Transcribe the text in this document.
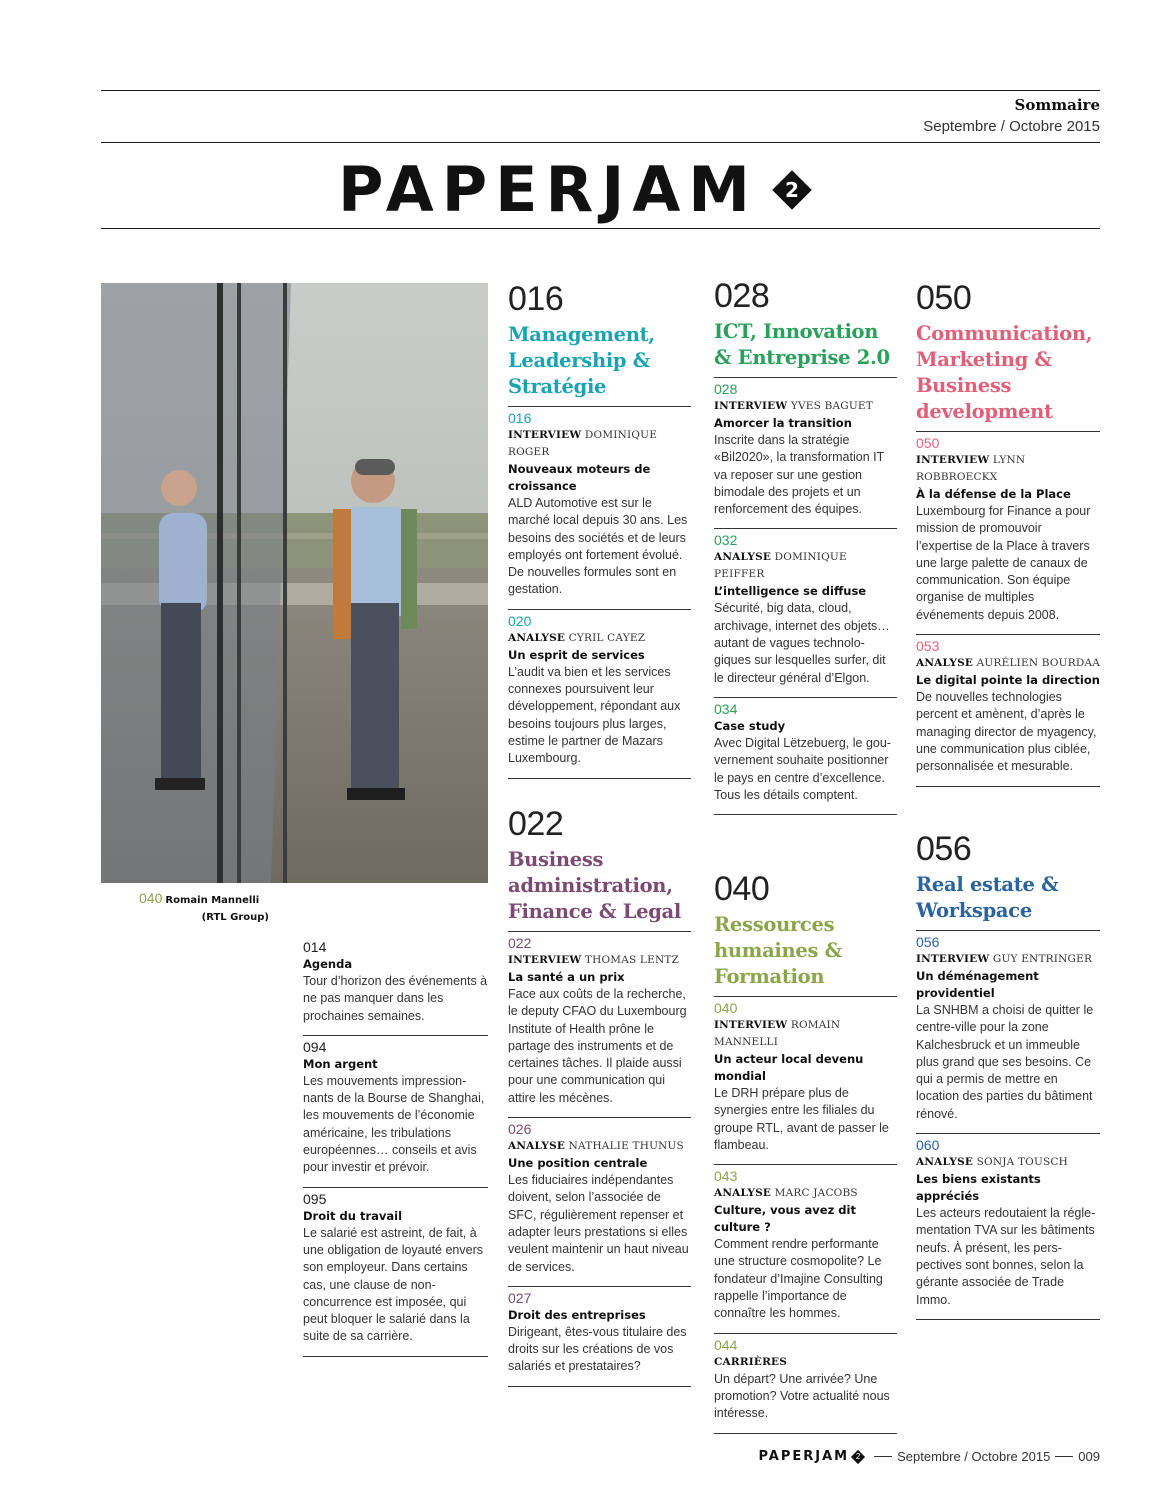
Sommaire
Septembre / Octobre 2015
PAPERJAM	2
040 Romain Mannelli
(RTL Group)
014
Agenda
Tour d’horizon des événements à ne pas manquer dans les prochaines semaines.
094
Mon argent
Les mouvements impressionnants de la Bourse de Shanghai, les mouvements de l’économie américaine, les tribulations européennes… conseils et avis pour investir et prévoir.
095
Droit du travail
Le salarié est astreint, de fait, à une obligation de loyauté envers son employeur. Dans certains cas, une clause de non-concurrence est imposée, qui peut bloquer le salarié dans la suite de sa carrière.
016
Management, Leadership & Stratégie
016
INTERVIEW DOMINIQUE ROGER
Nouveaux moteurs de croissance
ALD Automotive est sur le marché local depuis 30 ans. Les besoins des sociétés et de leurs employés ont fortement évolué. De nouvelles formules sont en gestation.
020
ANALYSE CYRIL CAYEZ
Un esprit de services
L’audit va bien et les services connexes poursuivent leur développement, répondant aux besoins toujours plus larges, estime le partner de Mazars Luxembourg.
022
Business administration, Finance & Legal
022
INTERVIEW THOMAS LENTZ
La santé a un prix
Face aux coûts de la recherche, le deputy CFAO du Luxembourg Institute of Health prône le partage des instruments et de certaines tâches. Il plaide aussi pour une communication qui attire les mécènes.
026
ANALYSE NATHALIE THUNUS
Une position centrale
Les fiduciaires indépendantes doivent, selon l’associée de SFC, régulièrement repenser et adapter leurs prestations si elles veulent maintenir un haut niveau de services.
027
Droit des entreprises
Dirigeant, êtes-vous titulaire des droits sur les créations de vos salariés et prestataires?
028
ICT, Innovation & Entreprise 2.0
028
INTERVIEW YVES BAGUET
Amorcer la transition
Inscrite dans la stratégie «Bil2020», la transformation IT va reposer sur une gestion bimodale des projets et un renforcement des équipes.
032
ANALYSE DOMINIQUE PEIFFER
L’intelligence se diffuse
Sécurité, big data, cloud, archivage, internet des objets… autant de vagues technologiques sur lesquelles surfer, dit le directeur général d’Elgon.
034
Case study
Avec Digital Lëtzebuerg, le gouvernement souhaite positionner le pays en centre d’excellence. Tous les détails comptent.
040
Ressources humaines & Formation
040
INTERVIEW ROMAIN MANNELLI
Un acteur local devenu mondial
Le DRH prépare plus de synergies entre les filiales du groupe RTL, avant de passer le flambeau.
043
ANALYSE MARC JACOBS
Culture, vous avez dit culture ?
Comment rendre performante une structure cosmopolite? Le fondateur d’Imajine Consulting rappelle l’importance de connaître les hommes.
044
CARRIÈRES
Un départ? Une arrivée? Une promotion? Votre actualité nous intéresse.
050
Communication, Marketing & Business development
050
INTERVIEW LYNN ROBBROECKX
À la défense de la Place
Luxembourg for Finance a pour mission de promouvoir l’expertise de la Place à travers une large palette de canaux de communication. Son équipe organise de multiples événements depuis 2008.
053
ANALYSE AURÉLIEN BOURDAA
Le digital pointe la direction
De nouvelles technologies percent et amènent, d’après le managing director de myagency, une communication plus ciblée, personnalisée et mesurable.
056
Real estate & Workspace
056
INTERVIEW GUY ENTRINGER
Un déménagement providentiel
La SNHBM a choisi de quitter le centre-ville pour la zone Kalchesbruck et un immeuble plus grand que ses besoins. Ce qui a permis de mettre en location des parties du bâtiment rénové.
060
ANALYSE SONJA TOUSCH
Les biens existants appréciés
Les acteurs redoutaient la réglementation TVA sur les bâtiments neufs. À présent, les perspectives sont bonnes, selon la gérante associée de Trade Immo.
PAPERJAM 2	Septembre / Octobre 2015 009
